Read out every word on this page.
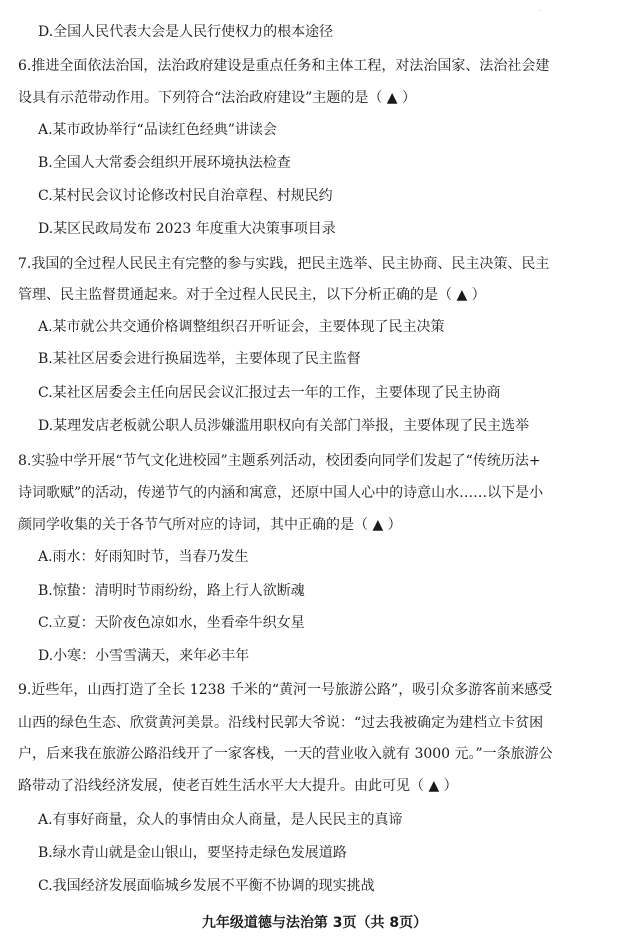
.
D.全国人民代表大会是人民行使权力的根本途径
6.推进全面依法治国，法治政府建设是重点任务和主体工程，对法治国家、法治社会建
设具有示范带动作用。下列符合“法治政府建设”主题的是（ ▲ ）
A.某市政协举行“品读红色经典”讲读会
B.全国人大常委会组织开展环境执法检查
C.某村民会议讨论修改村民自治章程、村规民约
D.某区民政局发布 2023 年度重大决策事项目录
7.我国的全过程人民民主有完整的参与实践，把民主选举、民主协商、民主决策、民主
管理、民主监督贯通起来。对于全过程人民民主，以下分析正确的是（ ▲ ）
A.某市就公共交通价格调整组织召开听证会，主要体现了民主决策
B.某社区居委会进行换届选举，主要体现了民主监督
C.某社区居委会主任向居民会议汇报过去一年的工作，主要体现了民主协商
D.某理发店老板就公职人员涉嫌滥用职权向有关部门举报，主要体现了民主选举
8.实验中学开展“节气文化进校园”主题系列活动，校团委向同学们发起了“传统历法+
诗词歌赋”的活动，传递节气的内涵和寓意，还原中国人心中的诗意山水……以下是小
颜同学收集的关于各节气所对应的诗词，其中正确的是（ ▲ ）
A.雨水：好雨知时节，当春乃发生
B.惊蛰：清明时节雨纷纷，路上行人欲断魂
C.立夏：天阶夜色凉如水，坐看牵牛织女星
D.小寒：小雪雪满天，来年必丰年
9.近些年，山西打造了全长 1238 千米的“黄河一号旅游公路”，吸引众多游客前来感受
山西的绿色生态、欣赏黄河美景。沿线村民郭大爷说：“过去我被确定为建档立卡贫困
户，后来我在旅游公路沿线开了一家客栈，一天的营业收入就有 3000 元。”一条旅游公
路带动了沿线经济发展，使老百姓生活水平大大提升。由此可见（ ▲ ）
A.有事好商量，众人的事情由众人商量，是人民民主的真谛
B.绿水青山就是金山银山，要坚持走绿色发展道路
C.我国经济发展面临城乡发展不平衡不协调的现实挑战
九年级道德与法治第 3页（共 8页）
